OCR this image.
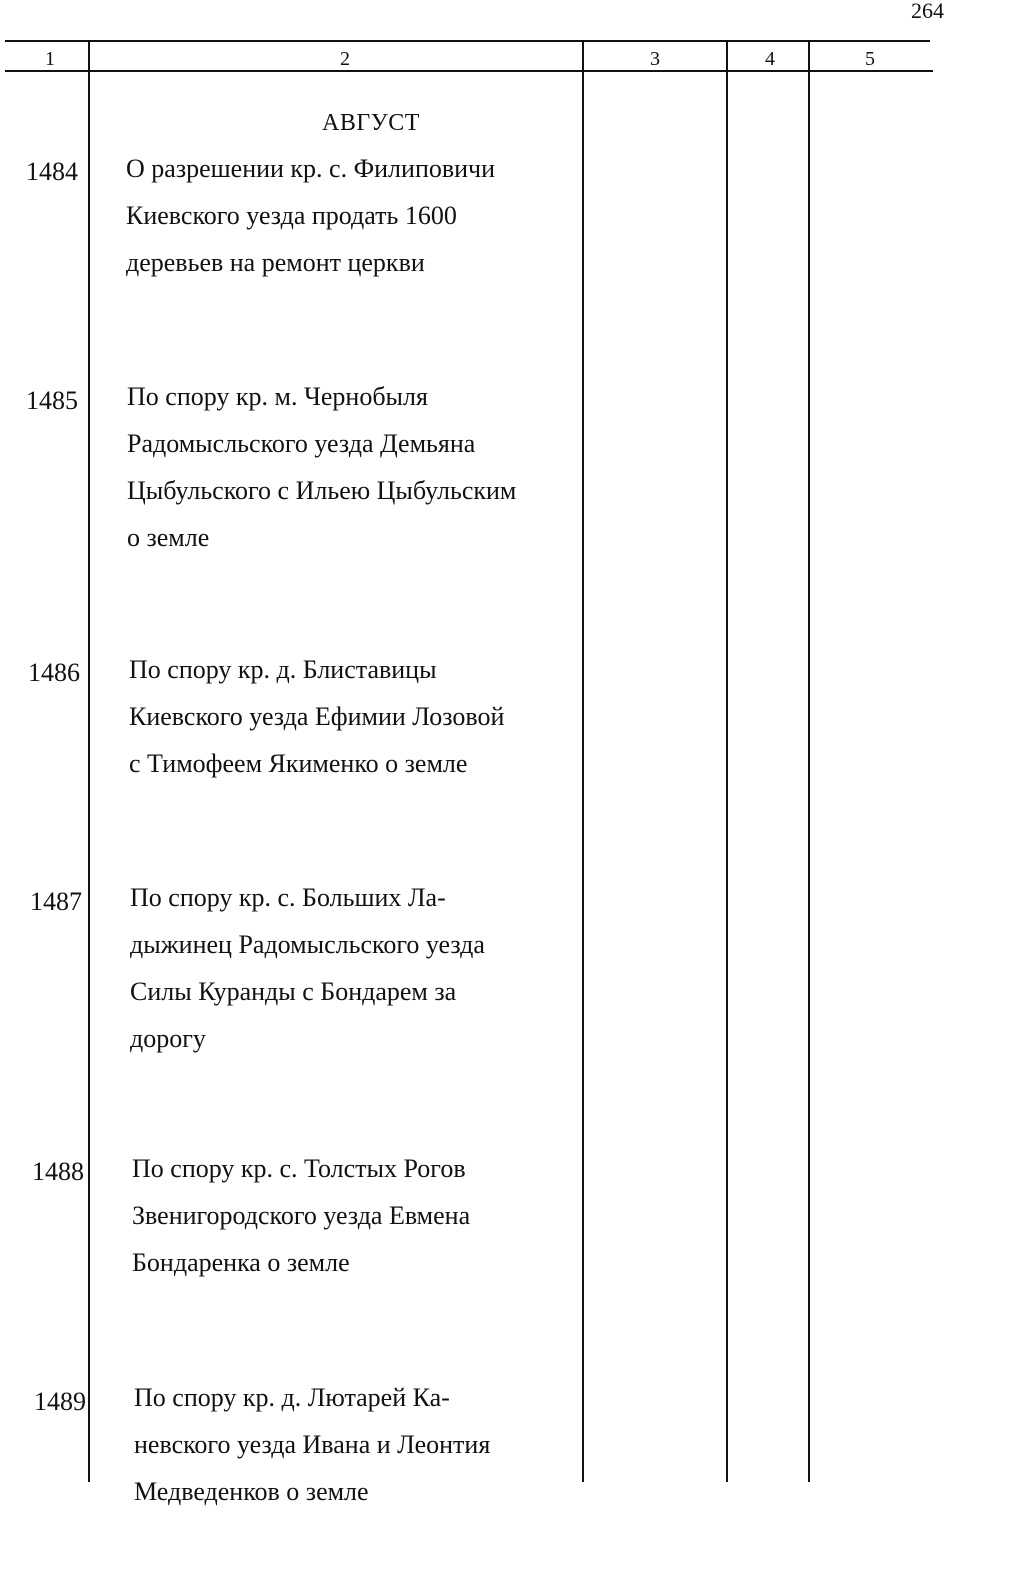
264
1	2	3	4	5
АВГУСТ
1484 О разрешении кр. с. Филиповичи
Киевского уезда продать 1600
деревьев на ремонт церкви
1485 По спору кр. м. Чернобыля
Радомысльского уезда Демьяна
Цыбульского с Ильею Цыбульским
о земле
1486 По спору кр. д. Блиставицы
Киевского уезда Ефимии Лозовой
с Тимофеем Якименко о земле
1487 По спору кр. с. Больших Ла-
дыжинец Радомысльского уезда
Силы Куранды с Бондарем за
дорогу
1488 По спору кр. с. Толстых Рогов
Звенигородского уезда Евмена
Бондаренка о земле
1489 По спору кр. д. Лютарей Ка-
невского уезда Ивана и Леонтия
Медведенков о земле
